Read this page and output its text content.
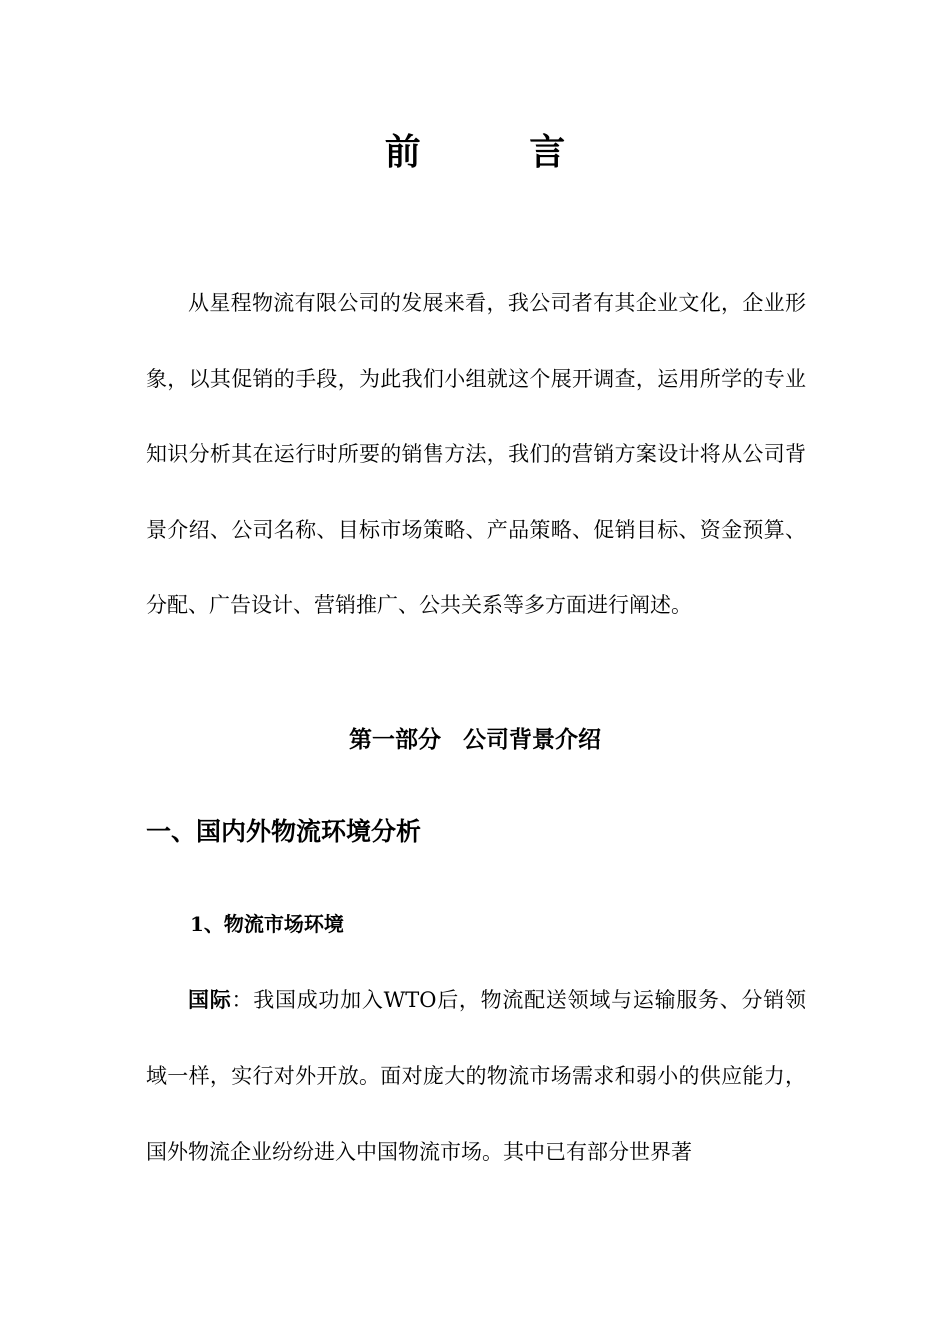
前 言

从星程物流有限公司的发展来看，我公司者有其企业文化，企业形象，以其促销的手段，为此我们小组就这个展开调查，运用所学的专业知识分析其在运行时所要的销售方法，我们的营销方案设计将从公司背景介绍、公司名称、目标市场策略、产品策略、促销目标、资金预算、分配、广告设计、营销推广、公共关系等多方面进行阐述。

第一部分 公司背景介绍
一、国内外物流环境分析
1、物流市场环境

国际：我国成功加入WTO后，物流配送领域与运输服务、分销领域一样，实行对外开放。面对庞大的物流市场需求和弱小的供应能力，国外物流企业纷纷进入中国物流市场。其中已有部分世界著
